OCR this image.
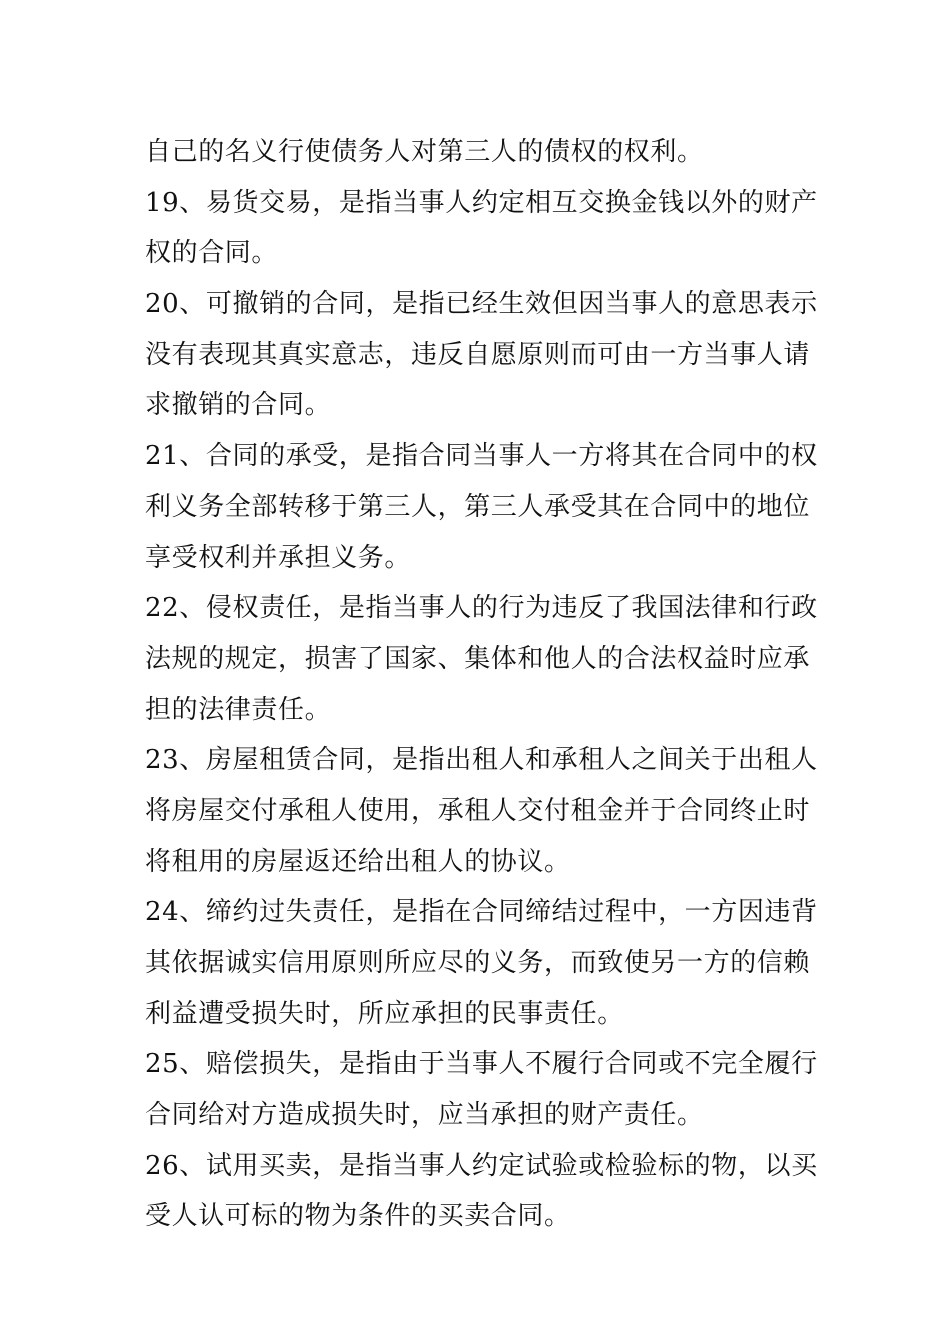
自己的名义行使债务人对第三人的债权的权利。
19、易货交易，是指当事人约定相互交换金钱以外的财产
权的合同。
20、可撤销的合同，是指已经生效但因当事人的意思表示
没有表现其真实意志，违反自愿原则而可由一方当事人请
求撤销的合同。
21、合同的承受，是指合同当事人一方将其在合同中的权
利义务全部转移于第三人，第三人承受其在合同中的地位
享受权利并承担义务。
22、侵权责任，是指当事人的行为违反了我国法律和行政
法规的规定，损害了国家、集体和他人的合法权益时应承
担的法律责任。
23、房屋租赁合同，是指出租人和承租人之间关于出租人
将房屋交付承租人使用，承租人交付租金并于合同终止时
将租用的房屋返还给出租人的协议。
24、缔约过失责任，是指在合同缔结过程中，一方因违背
其依据诚实信用原则所应尽的义务，而致使另一方的信赖
利益遭受损失时，所应承担的民事责任。
25、赔偿损失，是指由于当事人不履行合同或不完全履行
合同给对方造成损失时，应当承担的财产责任。
26、试用买卖，是指当事人约定试验或检验标的物，以买
受人认可标的物为条件的买卖合同。
